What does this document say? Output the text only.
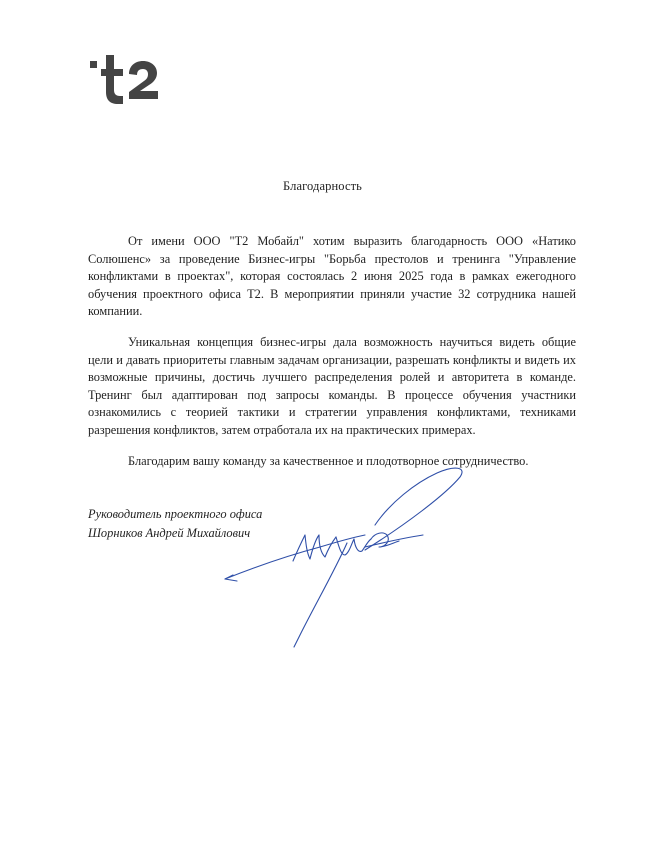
Благодарность

От имени ООО "Т2 Мобайл" хотим выразить благодарность ООО «Натико Солюшенс» за проведение Бизнес-игры "Борьба престолов и тренинга "Управление конфликтами в проектах", которая состоялась 2 июня 2025 года в рамках ежегодного обучения проектного офиса Т2. В мероприятии приняли участие 32 сотрудника нашей компании.

Уникальная концепция бизнес-игры дала возможность научиться видеть общие цели и давать приоритеты главным задачам организации, разрешать конфликты и видеть их возможные причины, достичь лучшего распределения ролей и авторитета в команде. Тренинг был адаптирован под запросы команды. В процессе обучения участники ознакомились с теорией тактики и стратегии управления конфликтами, техниками разрешения конфликтов, затем отработала их на практических примерах.

Благодарим вашу команду за качественное и плодотворное сотрудничество.

Руководитель проектного офиса
Шорников Андрей Михайлович
